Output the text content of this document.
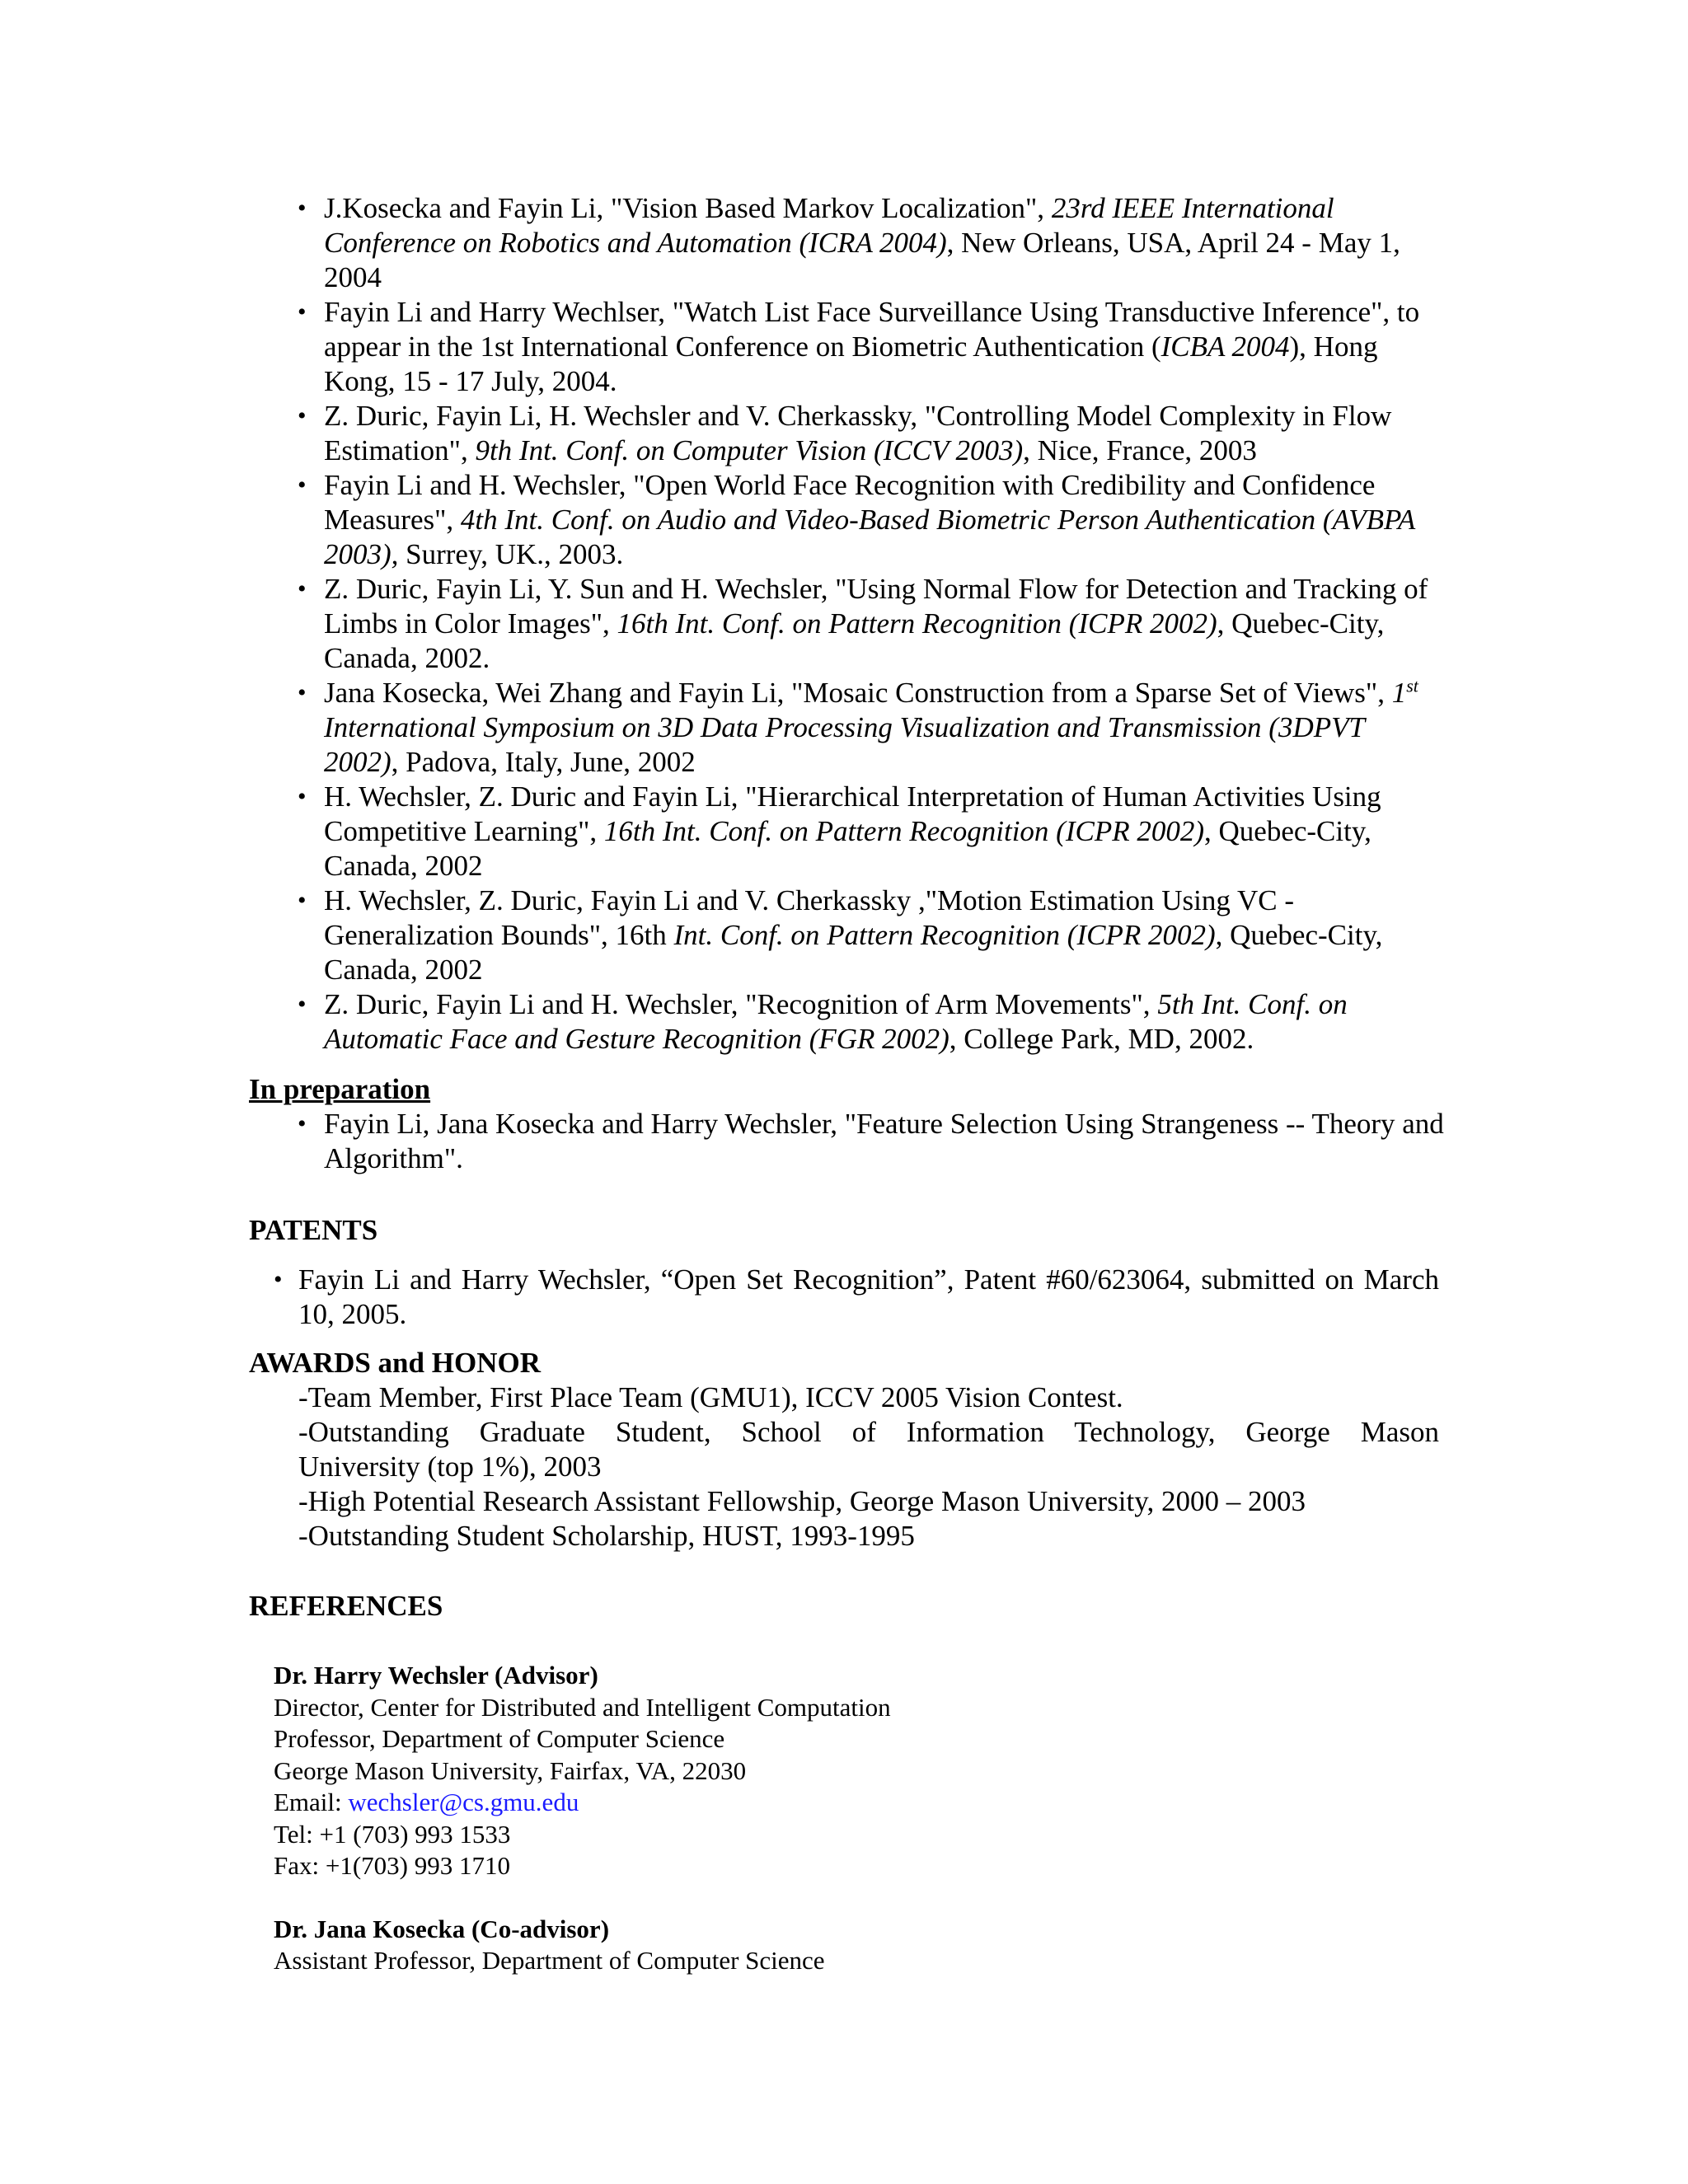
• J.Kosecka and Fayin Li, "Vision Based Markov Localization", 23rd IEEE International Conference on Robotics and Automation (ICRA 2004), New Orleans, USA, April 24 - May 1, 2004
• Fayin Li and Harry Wechlser, "Watch List Face Surveillance Using Transductive Inference", to appear in the 1st International Conference on Biometric Authentication (ICBA 2004), Hong Kong, 15 - 17 July, 2004.
• Z. Duric, Fayin Li, H. Wechsler and V. Cherkassky, "Controlling Model Complexity in Flow Estimation", 9th Int. Conf. on Computer Vision (ICCV 2003), Nice, France, 2003
• Fayin Li and H. Wechsler, "Open World Face Recognition with Credibility and Confidence Measures", 4th Int. Conf. on Audio and Video-Based Biometric Person Authentication (AVBPA 2003), Surrey, UK., 2003.
• Z. Duric, Fayin Li, Y. Sun and H. Wechsler, "Using Normal Flow for Detection and Tracking of Limbs in Color Images", 16th Int. Conf. on Pattern Recognition (ICPR 2002), Quebec-City, Canada, 2002.
• Jana Kosecka, Wei Zhang and Fayin Li, "Mosaic Construction from a Sparse Set of Views", 1st International Symposium on 3D Data Processing Visualization and Transmission (3DPVT 2002), Padova, Italy, June, 2002
• H. Wechsler, Z. Duric and Fayin Li, "Hierarchical Interpretation of Human Activities Using Competitive Learning", 16th Int. Conf. on Pattern Recognition (ICPR 2002), Quebec-City, Canada, 2002
• H. Wechsler, Z. Duric, Fayin Li and V. Cherkassky ,"Motion Estimation Using VC - Generalization Bounds", 16th Int. Conf. on Pattern Recognition (ICPR 2002), Quebec-City, Canada, 2002
• Z. Duric, Fayin Li and H. Wechsler, "Recognition of Arm Movements", 5th Int. Conf. on Automatic Face and Gesture Recognition (FGR 2002), College Park, MD, 2002.
In preparation
• Fayin Li, Jana Kosecka and Harry Wechsler, "Feature Selection Using Strangeness -- Theory and Algorithm".
PATENTS
• Fayin Li and Harry Wechsler, “Open Set Recognition”, Patent #60/623064, submitted on March 10, 2005.
AWARDS and HONOR
-Team Member, First Place Team (GMU1), ICCV 2005 Vision Contest.
-Outstanding Graduate Student, School of Information Technology, George Mason
University (top 1%), 2003
-High Potential Research Assistant Fellowship, George Mason University, 2000 – 2003
-Outstanding Student Scholarship, HUST, 1993-1995
REFERENCES
Dr. Harry Wechsler (Advisor)
Director, Center for Distributed and Intelligent Computation
Professor, Department of Computer Science
George Mason University, Fairfax, VA, 22030
Email: wechsler@cs.gmu.edu
Tel: +1 (703) 993 1533
Fax: +1(703) 993 1710
Dr. Jana Kosecka (Co-advisor)
Assistant Professor, Department of Computer Science
